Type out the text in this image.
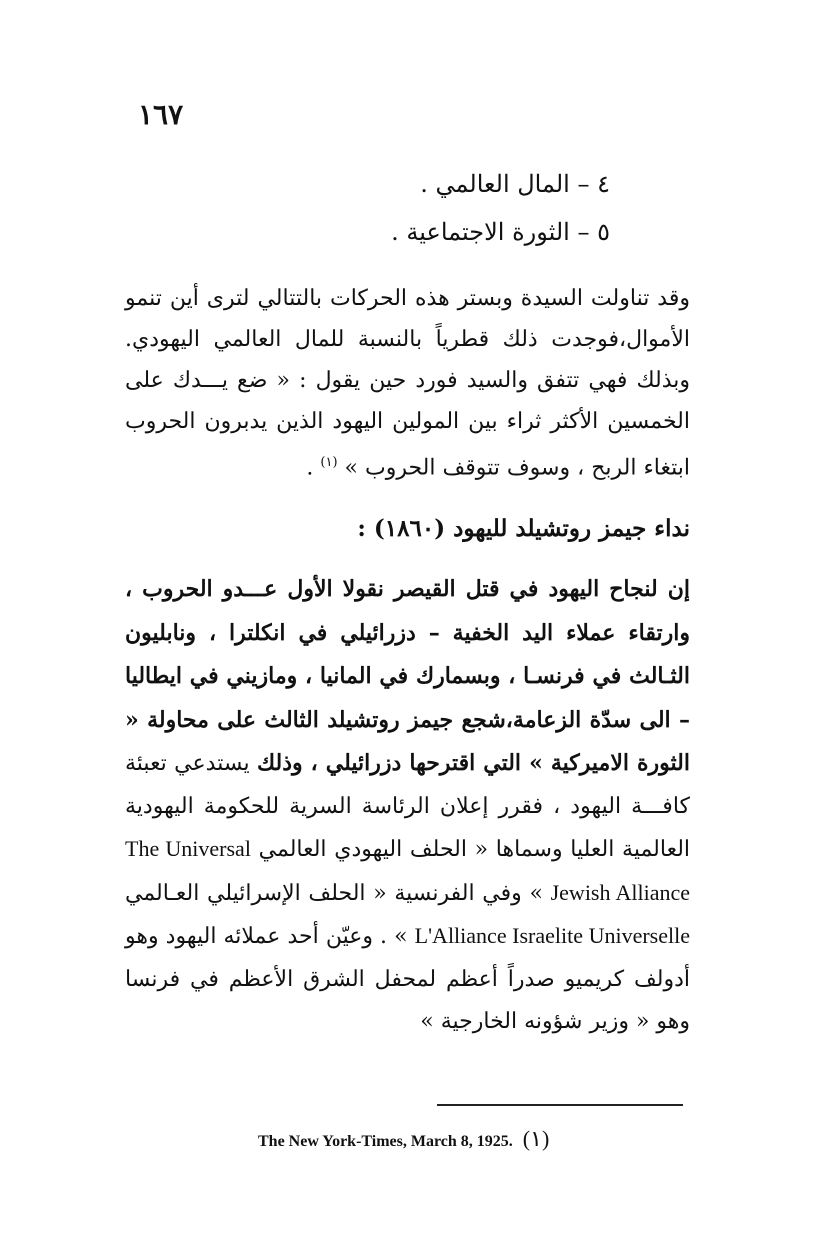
١٦٧
٤ – المال العالمي .
٥ – الثورة الاجتماعية .

وقد تناولت السيدة وبستر هذه الحركات بالتتالي لترى أين تنمو الأموال،فوجدت ذلك قطرياً بالنسبة للمال العالمي اليهودي. وبذلك فهي تتفق والسيد فورد حين يقول : « ضع يـــدك على الخمسين الأكثر ثراء بين المولين اليهود الذين يدبرون الحروب ابتغاء الربح ، وسوف تتوقف الحروب » $^{(١)}$ .

نداء جيمز روتشيلد لليهود (١٨٦٠) :

إن لنجاح اليهود في قتل القيصر نقولا الأول عـــدو الحروب ، وارتقاء عملاء اليد الخفية – دزرائيلي في انكلترا ، ونابليون الثـالث في فرنسـا ، وبسمارك في المانيا ، ومازيني في ايطاليا – الى سدّة الزعامة،شجع جيمز روتشيلد الثالث على محاولة « الثورة الاميركية » التي اقترحها دزرائيلي ، وذلك يستدعي تعبئة كافـــة اليهود ، فقرر إعلان الرئاسة السرية للحكومة اليهودية العالمية العليا وسماها « الحلف اليهودي العالمي The Universal Jewish Alliance » وفي الفرنسية « الحلف الإسرائيلي العـالمي L'Alliance Israelite Universelle » . وعيّن أحد عملائه اليهود وهو أدولف كريميو صدراً أعظم لمحفل الشرق الأعظم في فرنسا وهو « وزير شؤونه الخارجية »

The New York-Times, March 8, 1925. (١)
